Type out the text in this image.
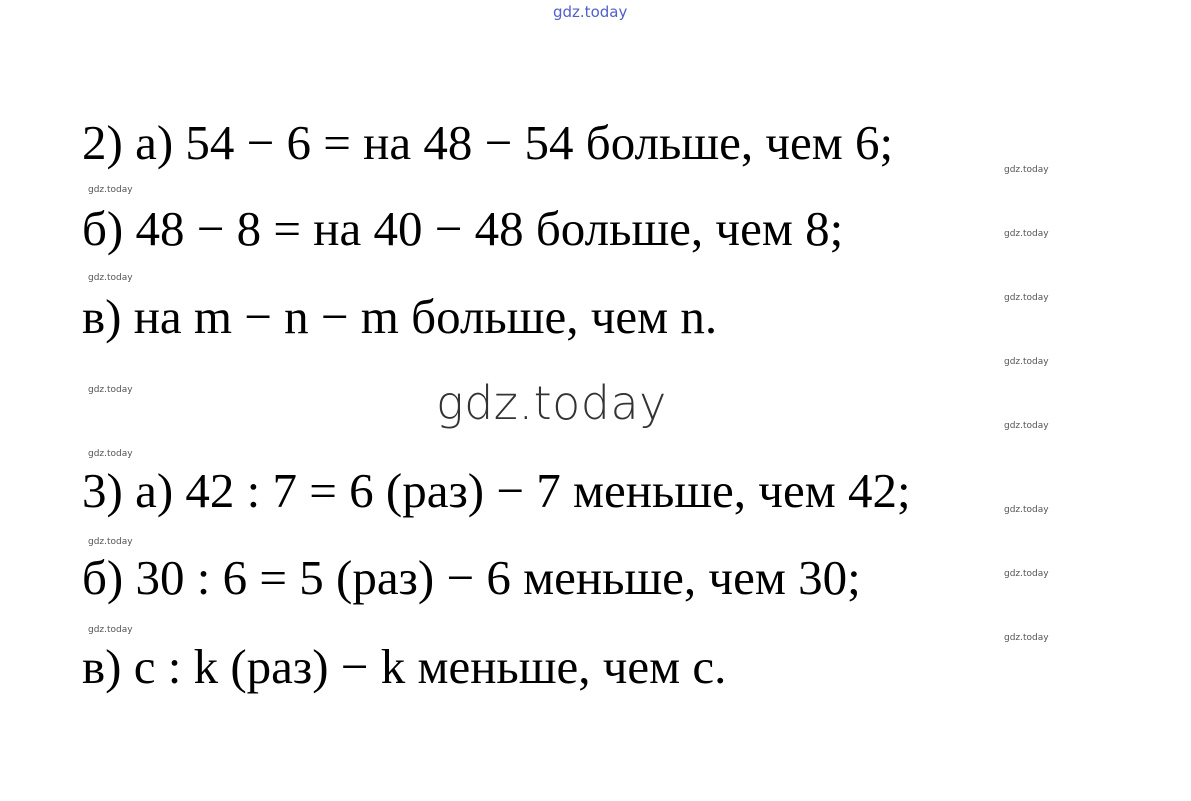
gdz.today
2) а) 54 − 6 = на 48 − 54 больше, чем 6;
б) 48 − 8 = на 40 − 48 больше, чем 8;
в) на m − n − m больше, чем n.
gdz.today
3) а) 42 : 7 = 6 (раз) − 7 меньше, чем 42;
б) 30 : 6 = 5 (раз) − 6 меньше, чем 30;
в) c : k (раз) − k меньше, чем c.
gdz.today
gdz.today
gdz.today
gdz.today
gdz.today
gdz.today
gdz.today
gdz.today
gdz.today
gdz.today
gdz.today
gdz.today
gdz.today
gdz.today
